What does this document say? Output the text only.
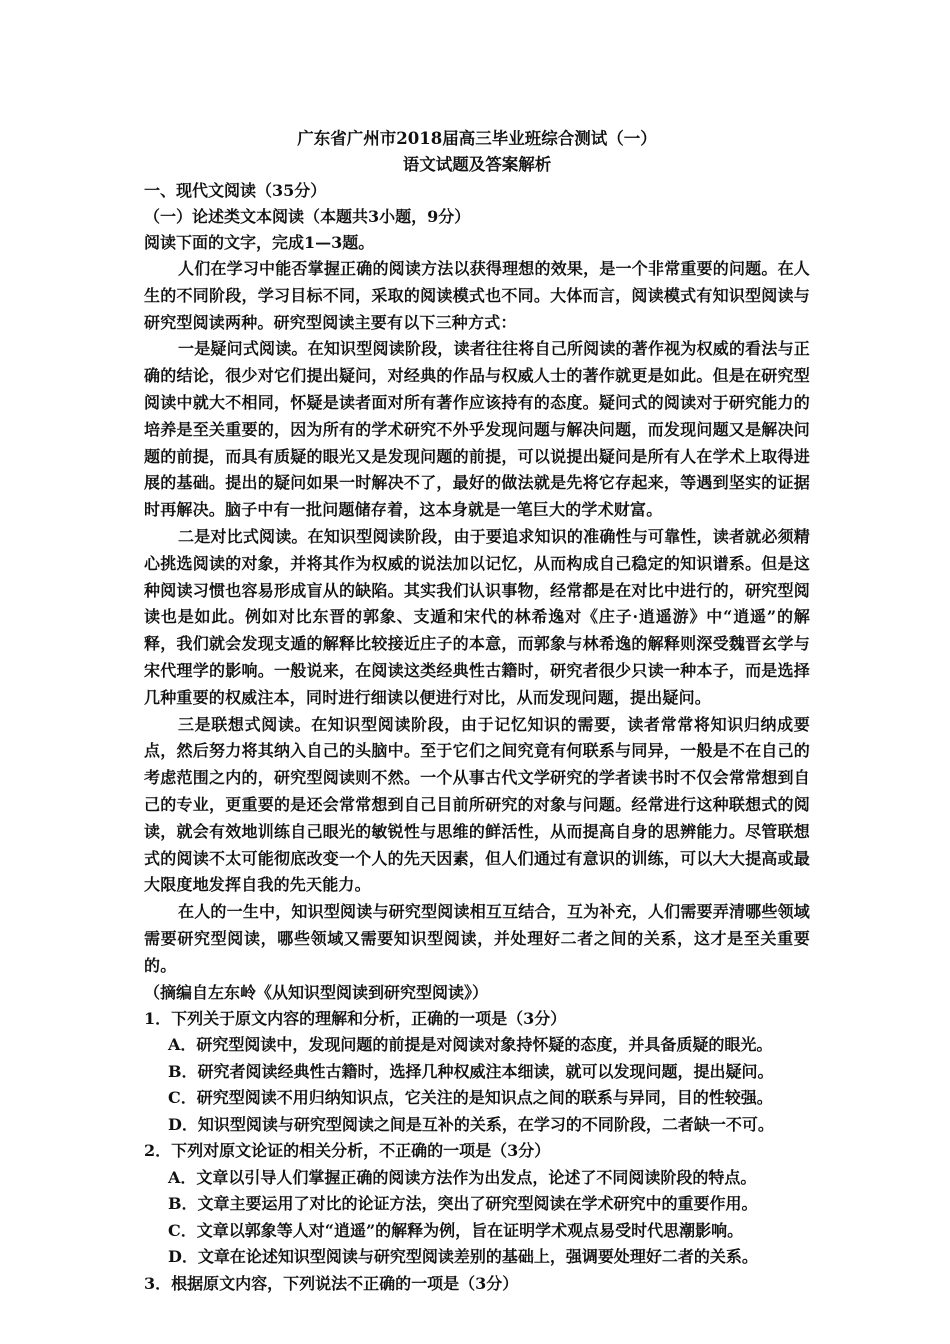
广东省广州市2018届高三毕业班综合测试（一）
语文试题及答案解析
一、现代文阅读（35分）
（一）论述类文本阅读（本题共3小题，9分）
阅读下面的文字，完成1—3题。
人们在学习中能否掌握正确的阅读方法以获得理想的效果，是一个非常重要的问题。在人生的不同阶段，学习目标不同，采取的阅读模式也不同。大体而言，阅读模式有知识型阅读与研究型阅读两种。研究型阅读主要有以下三种方式：
一是疑问式阅读。在知识型阅读阶段，读者往往将自己所阅读的著作视为权威的看法与正确的结论，很少对它们提出疑问，对经典的作品与权威人士的著作就更是如此。但是在研究型阅读中就大不相同，怀疑是读者面对所有著作应该持有的态度。疑问式的阅读对于研究能力的培养是至关重要的，因为所有的学术研究不外乎发现问题与解决问题，而发现问题又是解决问题的前提，而具有质疑的眼光又是发现问题的前提，可以说提出疑问是所有人在学术上取得进展的基础。提出的疑问如果一时解决不了，最好的做法就是先将它存起来，等遇到坚实的证据时再解决。脑子中有一批问题储存着，这本身就是一笔巨大的学术财富。
二是对比式阅读。在知识型阅读阶段，由于要追求知识的准确性与可靠性，读者就必须精心挑选阅读的对象，并将其作为权威的说法加以记忆，从而构成自己稳定的知识谱系。但是这种阅读习惯也容易形成盲从的缺陷。其实我们认识事物，经常都是在对比中进行的，研究型阅读也是如此。例如对比东晋的郭象、支遁和宋代的林希逸对《庄子·逍遥游》中“逍遥”的解释，我们就会发现支遁的解释比较接近庄子的本意，而郭象与林希逸的解释则深受魏晋玄学与宋代理学的影响。一般说来，在阅读这类经典性古籍时，研究者很少只读一种本子，而是选择几种重要的权威注本，同时进行细读以便进行对比，从而发现问题，提出疑问。
三是联想式阅读。在知识型阅读阶段，由于记忆知识的需要，读者常常将知识归纳成要点，然后努力将其纳入自己的头脑中。至于它们之间究竟有何联系与同异，一般是不在自己的考虑范围之内的，研究型阅读则不然。一个从事古代文学研究的学者读书时不仅会常常想到自己的专业，更重要的是还会常常想到自己目前所研究的对象与问题。经常进行这种联想式的阅读，就会有效地训练自己眼光的敏锐性与思维的鲜活性，从而提高自身的思辨能力。尽管联想式的阅读不太可能彻底改变一个人的先天因素，但人们通过有意识的训练，可以大大提高或最大限度地发挥自我的先天能力。
在人的一生中，知识型阅读与研究型阅读相互互结合，互为补充，人们需要弄清哪些领域需要研究型阅读，哪些领域又需要知识型阅读，并处理好二者之间的关系，这才是至关重要的。
（摘编自左东岭《从知识型阅读到研究型阅读》）
1．下列关于原文内容的理解和分析，正确的一项是（3分）
A．研究型阅读中，发现问题的前提是对阅读对象持怀疑的态度，并具备质疑的眼光。
B．研究者阅读经典性古籍时，选择几种权威注本细读，就可以发现问题，提出疑问。
C．研究型阅读不用归纳知识点，它关注的是知识点之间的联系与异同，目的性较强。
D．知识型阅读与研究型阅读之间是互补的关系，在学习的不同阶段，二者缺一不可。
2．下列对原文论证的相关分析，不正确的一项是（3分）
A．文章以引导人们掌握正确的阅读方法作为出发点，论述了不同阅读阶段的特点。
B．文章主要运用了对比的论证方法，突出了研究型阅读在学术研究中的重要作用。
C．文章以郭象等人对“逍遥”的解释为例，旨在证明学术观点易受时代思潮影响。
D．文章在论述知识型阅读与研究型阅读差别的基础上，强调要处理好二者的关系。
3．根据原文内容，下列说法不正确的一项是（3分）
